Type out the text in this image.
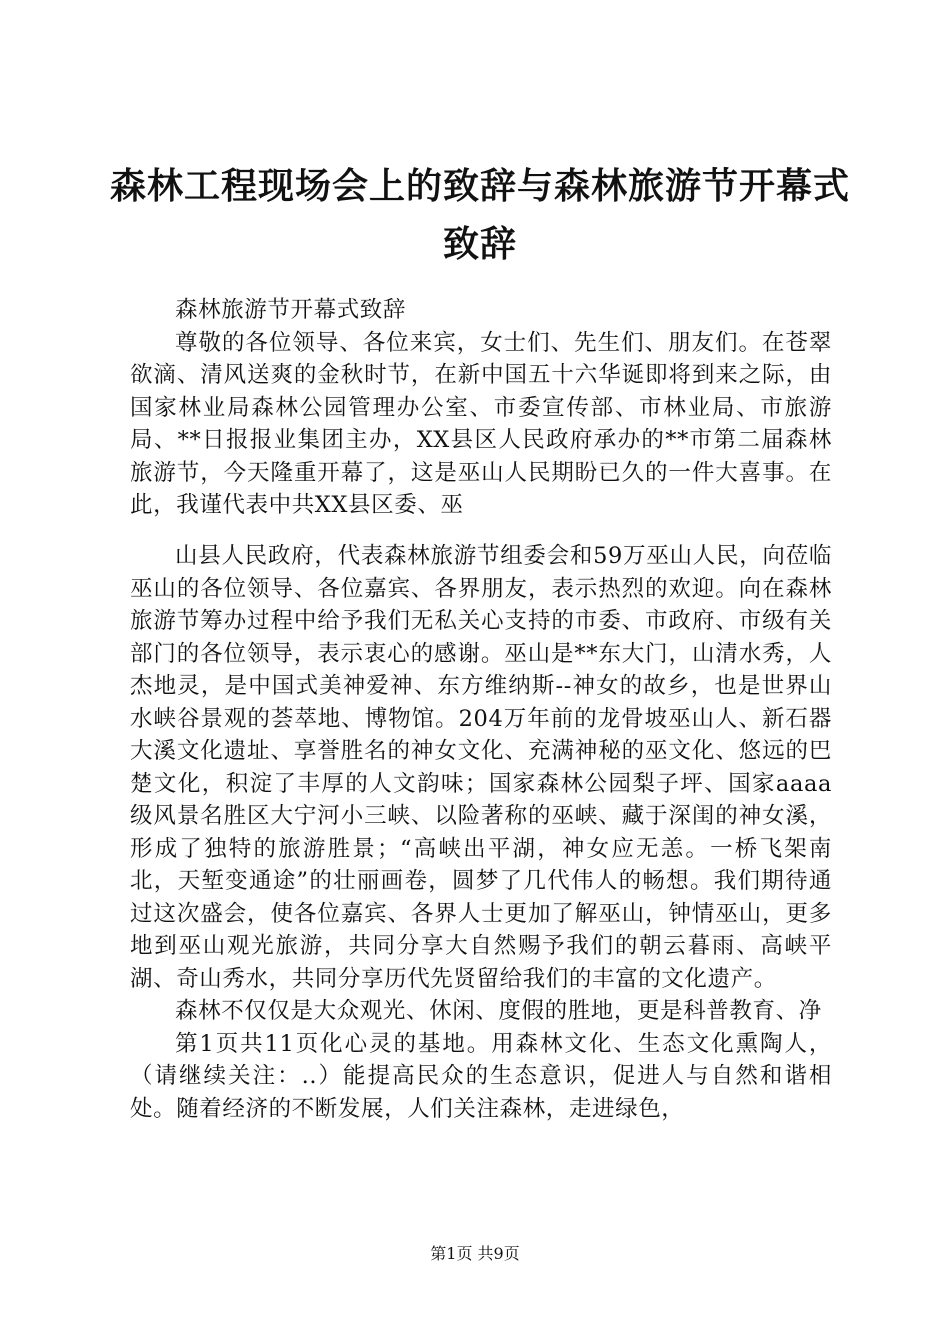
森林工程现场会上的致辞与森林旅游节开幕式致辞

森林旅游节开幕式致辞

尊敬的各位领导、各位来宾，女士们、先生们、朋友们。在苍翠欲滴、清风送爽的金秋时节，在新中国五十六华诞即将到来之际，由国家林业局森林公园管理办公室、市委宣传部、市林业局、市旅游局、**日报报业集团主办，XX县区人民政府承办的**市第二届森林旅游节，今天隆重开幕了，这是巫山人民期盼已久的一件大喜事。在此，我谨代表中共XX县区委、巫

山县人民政府，代表森林旅游节组委会和59万巫山人民，向莅临巫山的各位领导、各位嘉宾、各界朋友，表示热烈的欢迎。向在森林旅游节筹办过程中给予我们无私关心支持的市委、市政府、市级有关部门的各位领导，表示衷心的感谢。巫山是**东大门，山清水秀，人杰地灵，是中国式美神爱神、东方维纳斯--神女的故乡，也是世界山水峡谷景观的荟萃地、博物馆。204万年前的龙骨坡巫山人、新石器大溪文化遗址、享誉胜名的神女文化、充满神秘的巫文化、悠远的巴楚文化，积淀了丰厚的人文韵味；国家森林公园梨子坪、国家aaaa级风景名胜区大宁河小三峡、以险著称的巫峡、藏于深闺的神女溪，形成了独特的旅游胜景；“高峡出平湖，神女应无恙。一桥飞架南北，天堑变通途”的壮丽画卷，圆梦了几代伟人的畅想。我们期待通过这次盛会，使各位嘉宾、各界人士更加了解巫山，钟情巫山，更多地到巫山观光旅游，共同分享大自然赐予我们的朝云暮雨、高峡平湖、奇山秀水，共同分享历代先贤留给我们的丰富的文化遗产。

森林不仅仅是大众观光、休闲、度假的胜地，更是科普教育、净

第1页共11页化心灵的基地。用森林文化、生态文化熏陶人，（请继续关注：..）能提高民众的生态意识，促进人与自然和谐相处。随着经济的不断发展，人们关注森林，走进绿色，

第1页 共9页
